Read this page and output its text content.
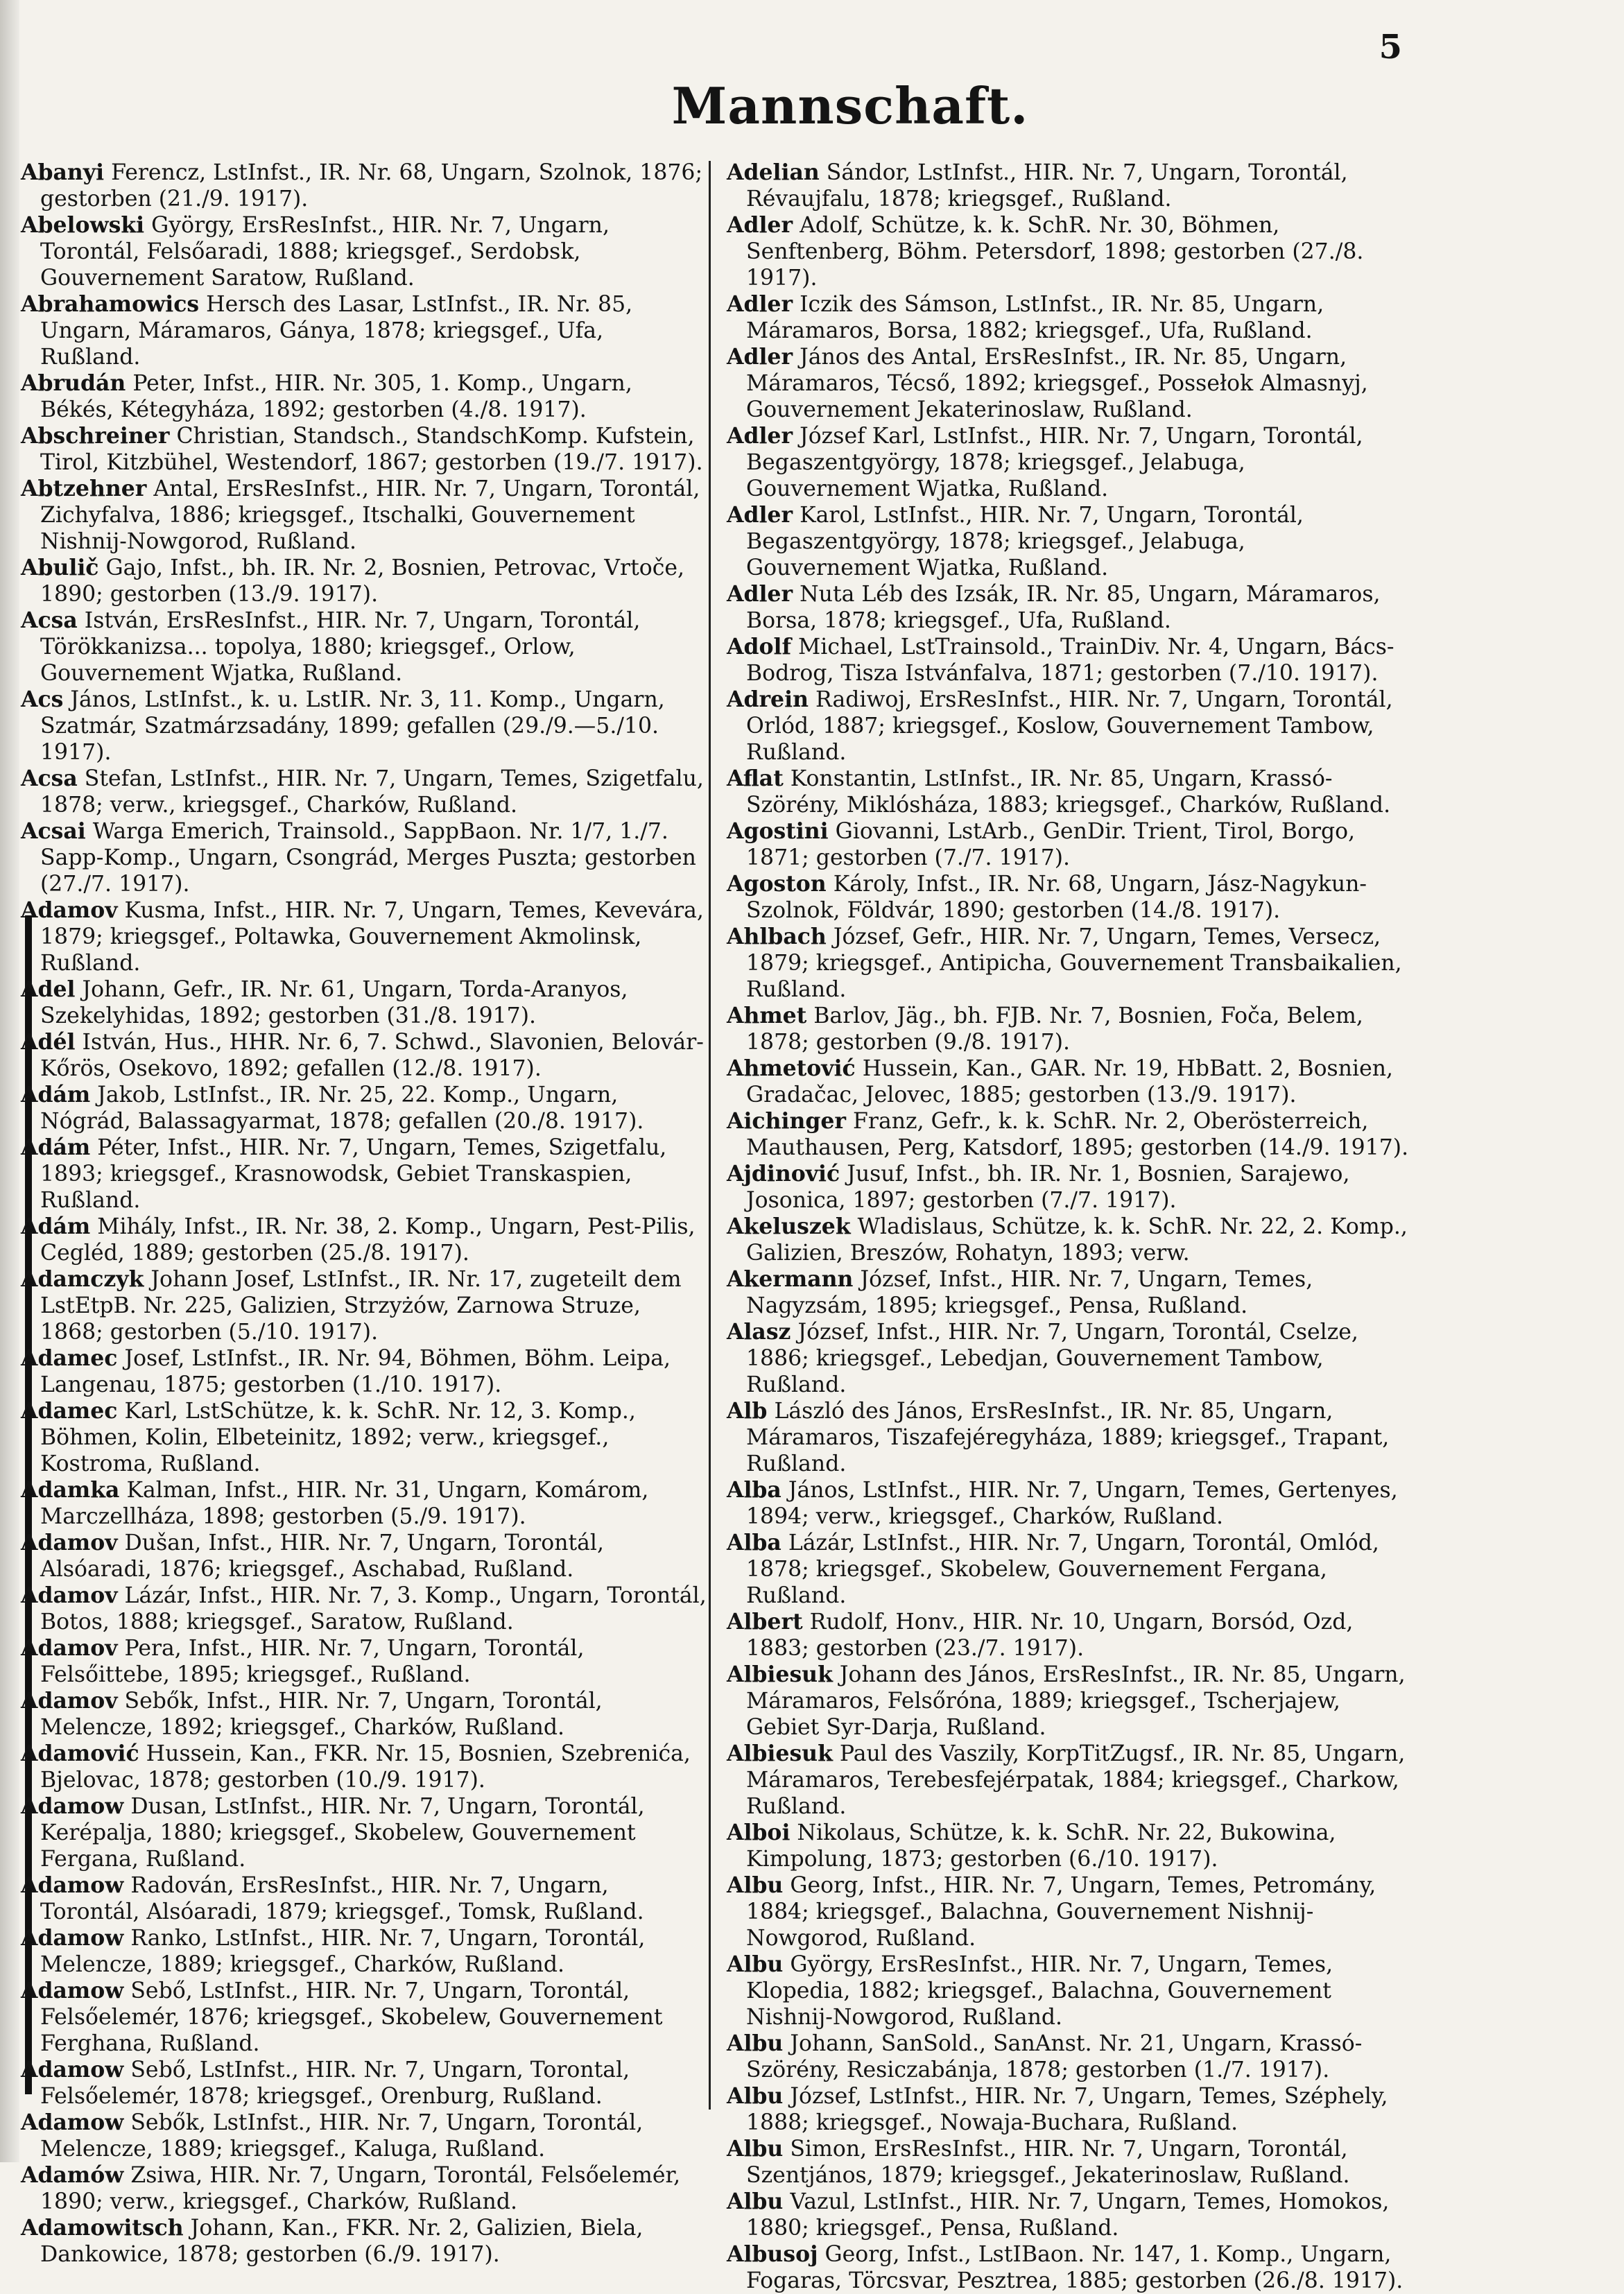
5
Mannschaft.

Abanyi Ferencz, LstInfst., IR. Nr. 68, Ungarn, Szolnok, 1876; gestorben (21./9. 1917).

Abelowski György, ErsResInfst., HIR. Nr. 7, Ungarn, Torontál, Felsőaradi, 1888; kriegsgef., Serdobsk, Gouvernement Saratow, Rußland.

Abrahamowics Hersch des Lasar, LstInfst., IR. Nr. 85, Ungarn, Máramaros, Gánya, 1878; kriegsgef., Ufa, Rußland.

Abrudán Peter, Infst., HIR. Nr. 305, 1. Komp., Ungarn, Békés, Kétegyháza, 1892; gestorben (4./8. 1917).

Abschreiner Christian, Standsch., StandschKomp. Kufstein, Tirol, Kitzbühel, Westendorf, 1867; gestorben (19./7. 1917).

Abtzehner Antal, ErsResInfst., HIR. Nr. 7, Ungarn, Torontál, Zichyfalva, 1886; kriegsgef., Itschalki, Gouvernement Nishnij-Nowgorod, Rußland.

Abulič Gajo, Infst., bh. IR. Nr. 2, Bosnien, Petrovac, Vrtoče, 1890; gestorben (13./9. 1917).

Acsa István, ErsResInfst., HIR. Nr. 7, Ungarn, Torontál, Törökkanizsa... topolya, 1880; kriegsgef., Orlow, Gouvernement Wjatka, Rußland.

Acs János, LstInfst., k. u. LstIR. Nr. 3, 11. Komp., Ungarn, Szatmár, Szatmárzsadány, 1899; gefallen (29./9.—5./10. 1917).

Acsa Stefan, LstInfst., HIR. Nr. 7, Ungarn, Temes, Szigetfalu, 1878; verw., kriegsgef., Charków, Rußland.

Acsai Warga Emerich, Trainsold., SappBaon. Nr. 1/7, 1./7. Sapp-Komp., Ungarn, Csongrád, Merges Puszta; gestorben (27./7. 1917).

Adamov Kusma, Infst., HIR. Nr. 7, Ungarn, Temes, Kevevára, 1879; kriegsgef., Poltawka, Gouvernement Akmolinsk, Rußland.

Adel Johann, Gefr., IR. Nr. 61, Ungarn, Torda-Aranyos, Szekelyhidas, 1892; gestorben (31./8. 1917).

Adél István, Hus., HHR. Nr. 6, 7. Schwd., Slavonien, Belovár-Kőrös, Osekovo, 1892; gefallen (12./8. 1917).

Adám Jakob, LstInfst., IR. Nr. 25, 22. Komp., Ungarn, Nógrád, Balassagyarmat, 1878; gefallen (20./8. 1917).

Adám Péter, Infst., HIR. Nr. 7, Ungarn, Temes, Szigetfalu, 1893; kriegsgef., Krasnowodsk, Gebiet Transkaspien, Rußland.

Adám Mihály, Infst., IR. Nr. 38, 2. Komp., Ungarn, Pest-Pilis, Cegléd, 1889; gestorben (25./8. 1917).

Adamczyk Johann Josef, LstInfst., IR. Nr. 17, zugeteilt dem LstEtpB. Nr. 225, Galizien, Strzyżów, Zarnowa Struze, 1868; gestorben (5./10. 1917).

Adamec Josef, LstInfst., IR. Nr. 94, Böhmen, Böhm. Leipa, Langenau, 1875; gestorben (1./10. 1917).

Adamec Karl, LstSchütze, k. k. SchR. Nr. 12, 3. Komp., Böhmen, Kolin, Elbeteinitz, 1892; verw., kriegsgef., Kostroma, Rußland.

Adamka Kalman, Infst., HIR. Nr. 31, Ungarn, Komárom, Marczellháza, 1898; gestorben (5./9. 1917).

Adamov Dušan, Infst., HIR. Nr. 7, Ungarn, Torontál, Alsóaradi, 1876; kriegsgef., Aschabad, Rußland.

Adamov Lázár, Infst., HIR. Nr. 7, 3. Komp., Ungarn, Torontál, Botos, 1888; kriegsgef., Saratow, Rußland.

Adamov Pera, Infst., HIR. Nr. 7, Ungarn, Torontál, Felsőittebe, 1895; kriegsgef., Rußland.

Adamov Sebők, Infst., HIR. Nr. 7, Ungarn, Torontál, Melencze, 1892; kriegsgef., Charków, Rußland.

Adamović Hussein, Kan., FKR. Nr. 15, Bosnien, Szebrenića, Bjelovac, 1878; gestorben (10./9. 1917).

Adamow Dusan, LstInfst., HIR. Nr. 7, Ungarn, Torontál, Kerépalja, 1880; kriegsgef., Skobelew, Gouvernement Fergana, Rußland.

Adamow Radován, ErsResInfst., HIR. Nr. 7, Ungarn, Torontál, Alsóaradi, 1879; kriegsgef., Tomsk, Rußland.

Adamow Ranko, LstInfst., HIR. Nr. 7, Ungarn, Torontál, Melencze, 1889; kriegsgef., Charków, Rußland.

Adamow Sebő, LstInfst., HIR. Nr. 7, Ungarn, Torontál, Felsőelemér, 1876; kriegsgef., Skobelew, Gouvernement Ferghana, Rußland.

Adamow Sebő, LstInfst., HIR. Nr. 7, Ungarn, Torontal, Felsőelemér, 1878; kriegsgef., Orenburg, Rußland.

Adamow Sebők, LstInfst., HIR. Nr. 7, Ungarn, Torontál, Melencze, 1889; kriegsgef., Kaluga, Rußland.

Adamów Zsiwa, HIR. Nr. 7, Ungarn, Torontál, Felsőelemér, 1890; verw., kriegsgef., Charków, Rußland.

Adamowitsch Johann, Kan., FKR. Nr. 2, Galizien, Biela, Dankowice, 1878; gestorben (6./9. 1917).

Adelian Sándor, LstInfst., HIR. Nr. 7, Ungarn, Torontál, Révaujfalu, 1878; kriegsgef., Rußland.

Adler Adolf, Schütze, k. k. SchR. Nr. 30, Böhmen, Senftenberg, Böhm. Petersdorf, 1898; gestorben (27./8. 1917).

Adler Iczik des Sámson, LstInfst., IR. Nr. 85, Ungarn, Máramaros, Borsa, 1882; kriegsgef., Ufa, Rußland.

Adler János des Antal, ErsResInfst., IR. Nr. 85, Ungarn, Máramaros, Técső, 1892; kriegsgef., Possełok Almasnyj, Gouvernement Jekaterinoslaw, Rußland.

Adler József Karl, LstInfst., HIR. Nr. 7, Ungarn, Torontál, Begaszentgyörgy, 1878; kriegsgef., Jelabuga, Gouvernement Wjatka, Rußland.

Adler Karol, LstInfst., HIR. Nr. 7, Ungarn, Torontál, Begaszentgyörgy, 1878; kriegsgef., Jelabuga, Gouvernement Wjatka, Rußland.

Adler Nuta Léb des Izsák, IR. Nr. 85, Ungarn, Máramaros, Borsa, 1878; kriegsgef., Ufa, Rußland.

Adolf Michael, LstTrainsold., TrainDiv. Nr. 4, Ungarn, Bács-Bodrog, Tisza Istvánfalva, 1871; gestorben (7./10. 1917).

Adrein Radiwoj, ErsResInfst., HIR. Nr. 7, Ungarn, Torontál, Orlód, 1887; kriegsgef., Koslow, Gouvernement Tambow, Rußland.

Aflat Konstantin, LstInfst., IR. Nr. 85, Ungarn, Krassó-Szörény, Miklósháza, 1883; kriegsgef., Charków, Rußland.

Agostini Giovanni, LstArb., GenDir. Trient, Tirol, Borgo, 1871; gestorben (7./7. 1917).

Agoston Károly, Infst., IR. Nr. 68, Ungarn, Jász-Nagykun-Szolnok, Földvár, 1890; gestorben (14./8. 1917).

Ahlbach József, Gefr., HIR. Nr. 7, Ungarn, Temes, Versecz, 1879; kriegsgef., Antipicha, Gouvernement Transbaikalien, Rußland.

Ahmet Barlov, Jäg., bh. FJB. Nr. 7, Bosnien, Foča, Belem, 1878; gestorben (9./8. 1917).

Ahmetović Hussein, Kan., GAR. Nr. 19, HbBatt. 2, Bosnien, Gradačac, Jelovec, 1885; gestorben (13./9. 1917).

Aichinger Franz, Gefr., k. k. SchR. Nr. 2, Oberösterreich, Mauthausen, Perg, Katsdorf, 1895; gestorben (14./9. 1917).

Ajdinović Jusuf, Infst., bh. IR. Nr. 1, Bosnien, Sarajewo, Josonica, 1897; gestorben (7./7. 1917).

Akeluszek Wladislaus, Schütze, k. k. SchR. Nr. 22, 2. Komp., Galizien, Breszów, Rohatyn, 1893; verw.

Akermann József, Infst., HIR. Nr. 7, Ungarn, Temes, Nagyzsám, 1895; kriegsgef., Pensa, Rußland.

Alasz József, Infst., HIR. Nr. 7, Ungarn, Torontál, Cselze, 1886; kriegsgef., Lebedjan, Gouvernement Tambow, Rußland.

Alb László des János, ErsResInfst., IR. Nr. 85, Ungarn, Máramaros, Tiszafejéregyháza, 1889; kriegsgef., Trapant, Rußland.

Alba János, LstInfst., HIR. Nr. 7, Ungarn, Temes, Gertenyes, 1894; verw., kriegsgef., Charków, Rußland.

Alba Lázár, LstInfst., HIR. Nr. 7, Ungarn, Torontál, Omlód, 1878; kriegsgef., Skobelew, Gouvernement Fergana, Rußland.

Albert Rudolf, Honv., HIR. Nr. 10, Ungarn, Borsód, Ozd, 1883; gestorben (23./7. 1917).

Albiesuk Johann des János, ErsResInfst., IR. Nr. 85, Ungarn, Máramaros, Felsőróna, 1889; kriegsgef., Tscherjajew, Gebiet Syr-Darja, Rußland.

Albiesuk Paul des Vaszily, KorpTitZugsf., IR. Nr. 85, Ungarn, Máramaros, Terebesfejérpatak, 1884; kriegsgef., Charkow, Rußland.

Alboi Nikolaus, Schütze, k. k. SchR. Nr. 22, Bukowina, Kimpolung, 1873; gestorben (6./10. 1917).

Albu Georg, Infst., HIR. Nr. 7, Ungarn, Temes, Petromány, 1884; kriegsgef., Balachna, Gouvernement Nishnij-Nowgorod, Rußland.

Albu György, ErsResInfst., HIR. Nr. 7, Ungarn, Temes, Klopedia, 1882; kriegsgef., Balachna, Gouvernement Nishnij-Nowgorod, Rußland.

Albu Johann, SanSold., SanAnst. Nr. 21, Ungarn, Krassó-Szörény, Resiczabánja, 1878; gestorben (1./7. 1917).

Albu József, LstInfst., HIR. Nr. 7, Ungarn, Temes, Széphely, 1888; kriegsgef., Nowaja-Buchara, Rußland.

Albu Simon, ErsResInfst., HIR. Nr. 7, Ungarn, Torontál, Szentjános, 1879; kriegsgef., Jekaterinoslaw, Rußland.

Albu Vazul, LstInfst., HIR. Nr. 7, Ungarn, Temes, Homokos, 1880; kriegsgef., Pensa, Rußland.

Albusoj Georg, Infst., LstIBaon. Nr. 147, 1. Komp., Ungarn, Fogaras, Törcsvar, Pesztrea, 1885; gestorben (26./8. 1917).
